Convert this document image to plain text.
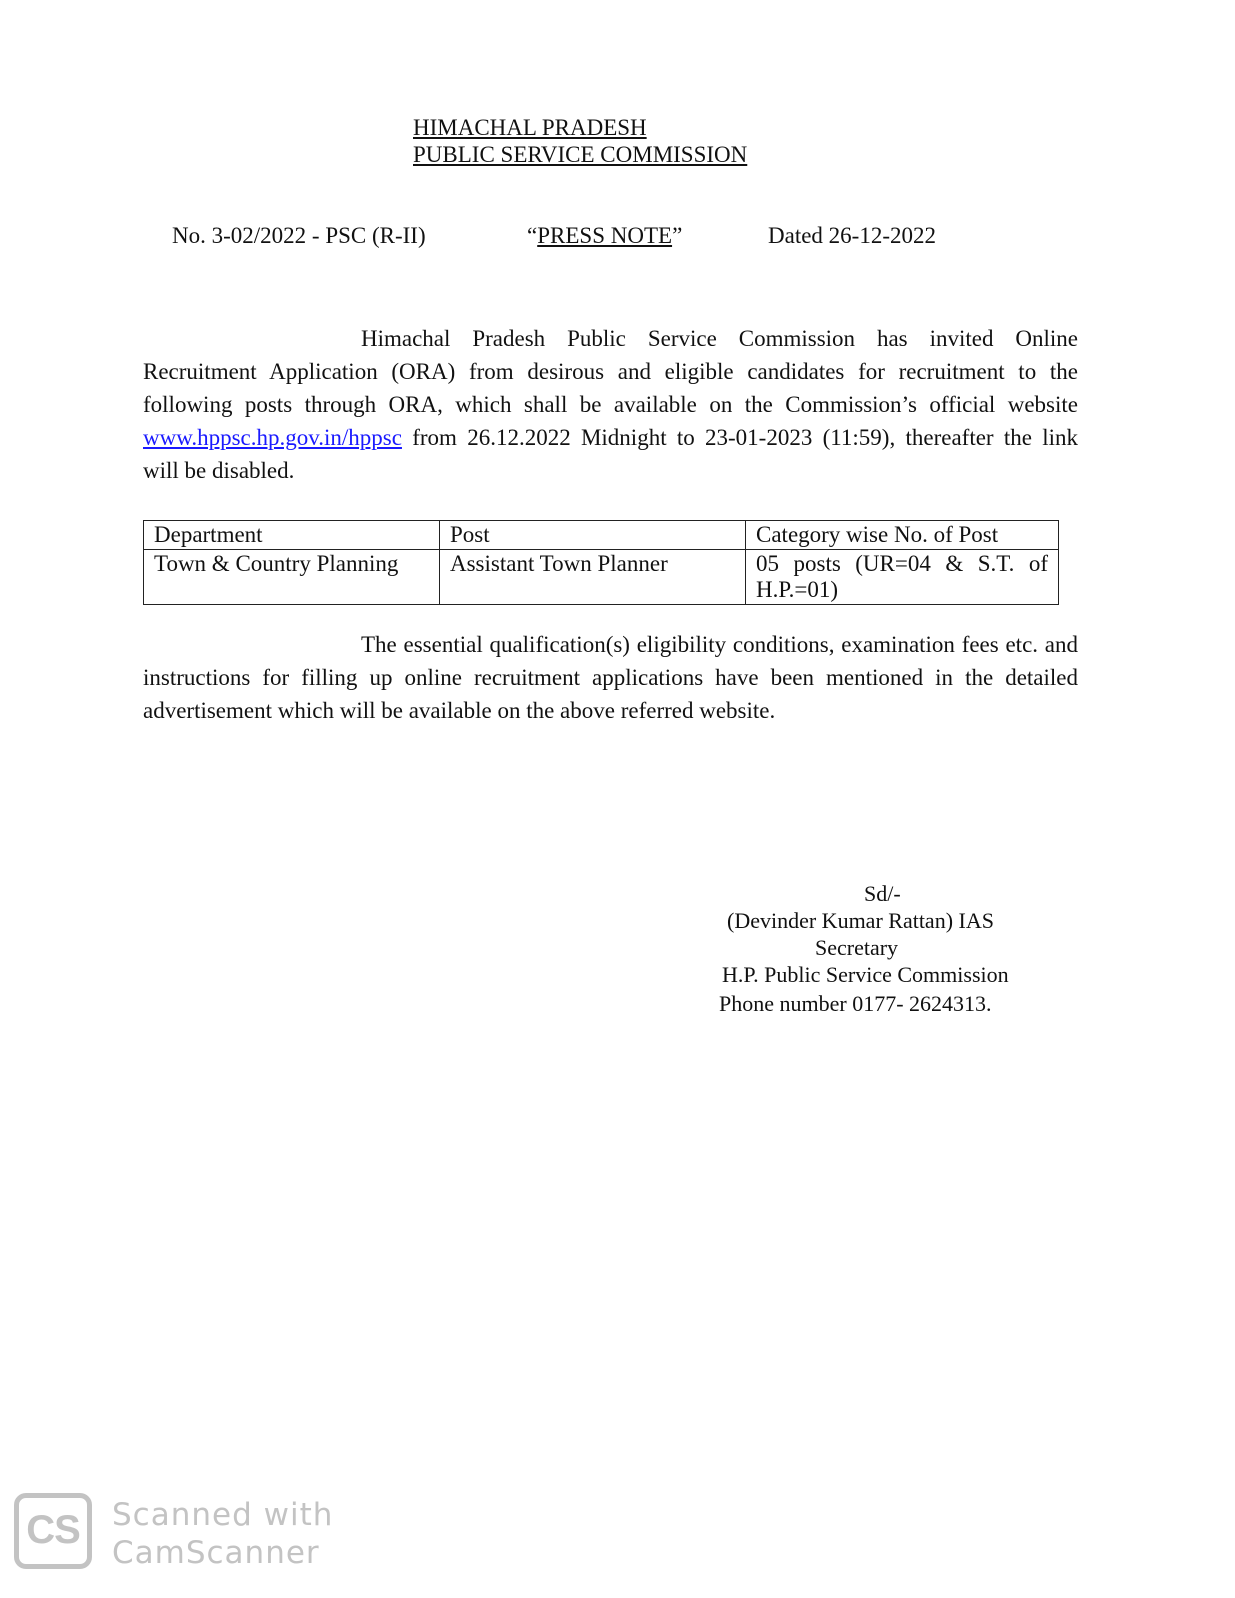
HIMACHAL PRADESH
PUBLIC SERVICE COMMISSION
No. 3-02/2022 - PSC (R-II)	“PRESS NOTE”	Dated 26-12-2022
Himachal Pradesh Public Service Commission has invited Online Recruitment Application (ORA) from desirous and eligible candidates for recruitment to the following posts through ORA, which shall be available on the Commission’s official website www.hppsc.hp.gov.in/hppsc from 26.12.2022 Midnight to 23-01-2023 (11:59), thereafter the link will be disabled.
Department	Post	Category wise No. of Post
Town & Country Planning	Assistant Town Planner	05 posts (UR=04 & S.T. of H.P.=01)
The essential qualification(s) eligibility conditions, examination fees etc. and instructions for filling up online recruitment applications have been mentioned in the detailed advertisement which will be available on the above referred website.
Sd/-
(Devinder Kumar Rattan) IAS
Secretary
H.P. Public Service Commission
Phone number 0177- 2624313.
CS Scanned with
CamScanner
